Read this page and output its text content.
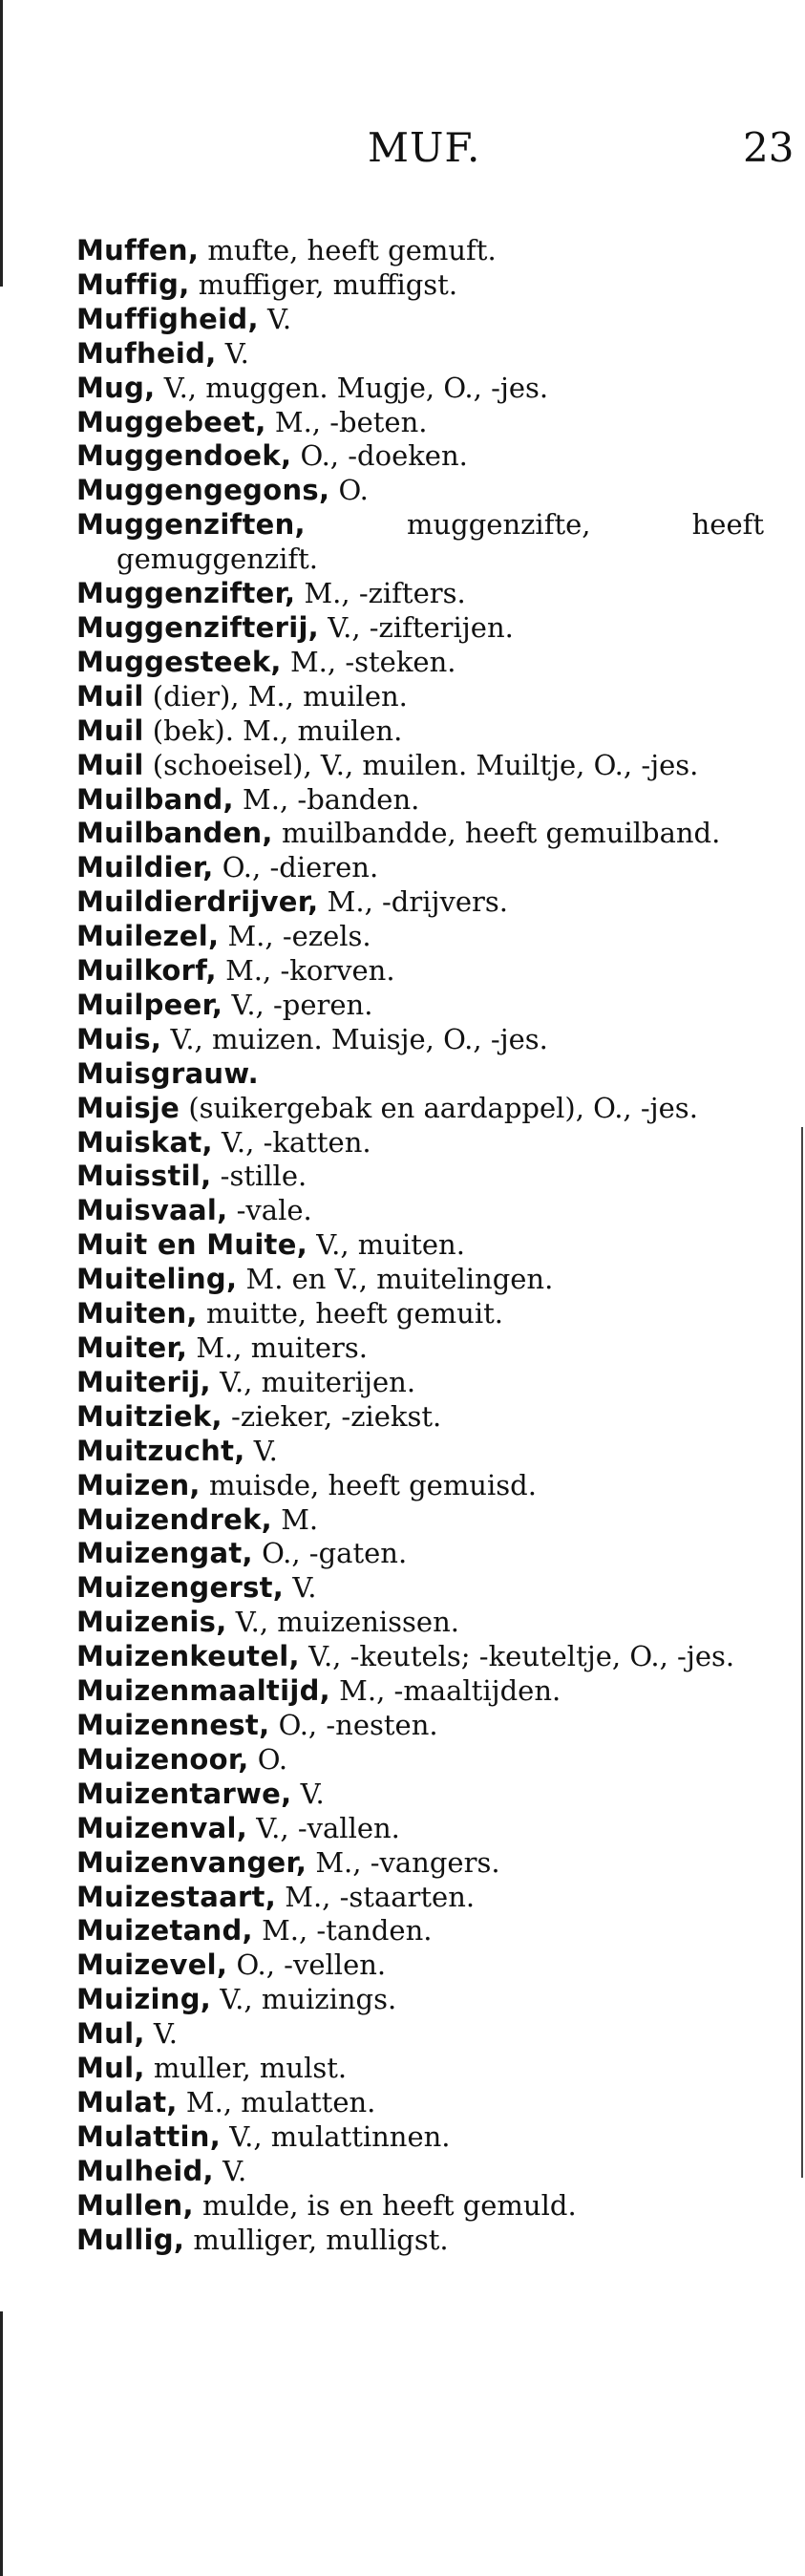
MUF.	23
Muffen, mufte, heeft gemuft.
Muffig, muffiger, muffigst.
Muffigheid, V.
Mufheid, V.
Mug, V., muggen. Mugje, O., -jes.
Muggebeet, M., -beten.
Muggendoek, O., -doeken.
Muggengegons, O.
Muggenziften, muggenzifte, heeft gemuggenzift.
Muggenzifter, M., -zifters.
Muggenzifterij, V., -zifterijen.
Muggesteek, M., -steken.
Muil (dier), M., muilen.
Muil (bek). M., muilen.
Muil (schoeisel), V., muilen. Muiltje, O., -jes.
Muilband, M., -banden.
Muilbanden, muilbandde, heeft gemuilband.
Muildier, O., -dieren.
Muildierdrijver, M., -drijvers.
Muilezel, M., -ezels.
Muilkorf, M., -korven.
Muilpeer, V., -peren.
Muis, V., muizen. Muisje, O., -jes.
Muisgrauw.
Muisje (suikergebak en aardappel), O., -jes.
Muiskat, V., -katten.
Muisstil, -stille.
Muisvaal, -vale.
Muit en Muite, V., muiten.
Muiteling, M. en V., muitelingen.
Muiten, muitte, heeft gemuit.
Muiter, M., muiters.
Muiterij, V., muiterijen.
Muitziek, -zieker, -ziekst.
Muitzucht, V.
Muizen, muisde, heeft gemuisd.
Muizendrek, M.
Muizengat, O., -gaten.
Muizengerst, V.
Muizenis, V., muizenissen.
Muizenkeutel, V., -keutels; -keuteltje, O., -jes.
Muizenmaaltijd, M., -maaltijden.
Muizennest, O., -nesten.
Muizenoor, O.
Muizentarwe, V.
Muizenval, V., -vallen.
Muizenvanger, M., -vangers.
Muizestaart, M., -staarten.
Muizetand, M., -tanden.
Muizevel, O., -vellen.
Muizing, V., muizings.
Mul, V.
Mul, muller, mulst.
Mulat, M., mulatten.
Mulattin, V., mulattinnen.
Mulheid, V.
Mullen, mulde, is en heeft gemuld.
Mullig, mulliger, mulligst.
